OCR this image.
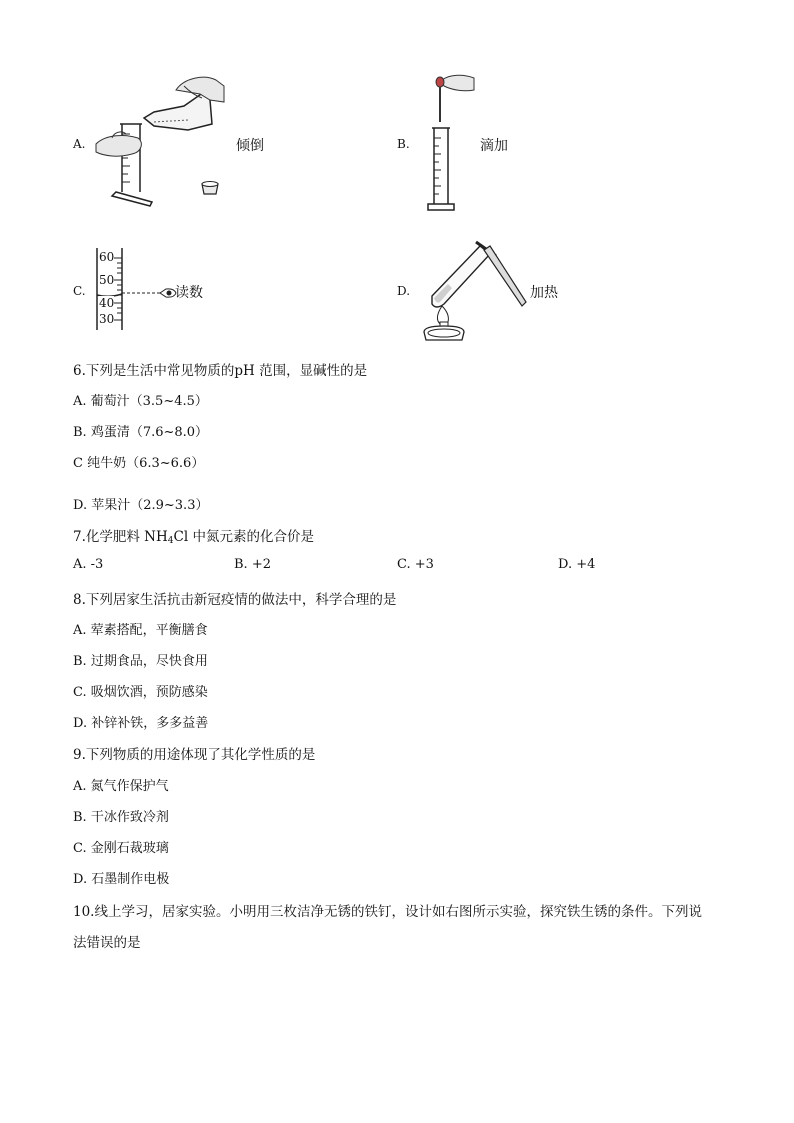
A.	倾倒	B.	滴加
C.
60
50
40
30
读数	D.	加热
6.下列是生活中常见物质的pH 范围，显碱性的是
A. 葡萄汁（3.5~4.5）
B. 鸡蛋清（7.6~8.0）
C 纯牛奶（6.3~6.6）
D. 苹果汁（2.9~3.3）
7.化学肥料 $NH_4Cl$ 中氮元素的化合价是
A. -3	B. +2	C. +3	D. +4
8.下列居家生活抗击新冠疫情的做法中，科学合理的是
A. 荤素搭配，平衡膳食
B. 过期食品，尽快食用
C. 吸烟饮酒，预防感染
D. 补锌补铁，多多益善
9.下列物质的用途体现了其化学性质的是
A. 氮气作保护气
B. 干冰作致冷剂
C. 金刚石裁玻璃
D. 石墨制作电极
10.线上学习，居家实验。小明用三枚洁净无锈的铁钉，设计如右图所示实验，探究铁生锈的条件。下列说
法错误的是
